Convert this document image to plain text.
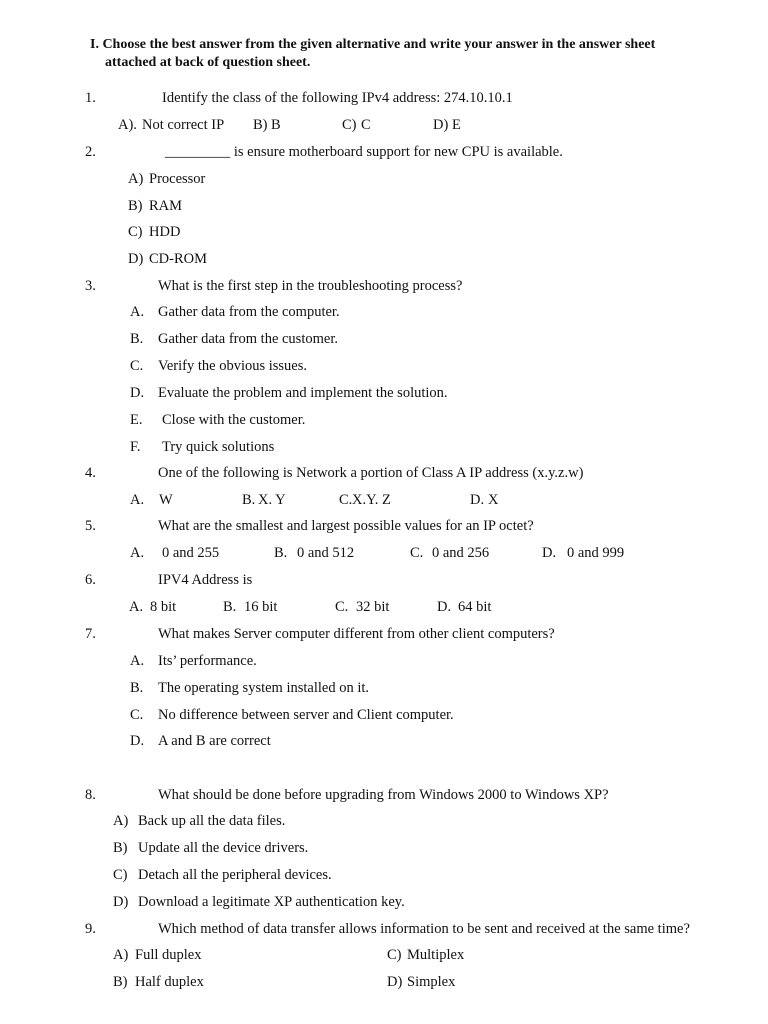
I. Choose the best answer from the given alternative and write your answer in the answer sheet
attached at back of question sheet.
1.	Identify the class of the following IPv4 address: 274.10.10.1
A). Not correct IP B) B	C) C	D) E
2.	_________ is ensure motherboard support for new CPU is available.
A) Processor
B) RAM
C) HDD
D) CD-ROM
3.	What is the first step in the troubleshooting process?
A. Gather data from the computer.
B. Gather data from the customer.
C. Verify the obvious issues.
D. Evaluate the problem and implement the solution.
E. Close with the customer.
F. Try quick solutions
4.	One of the following is Network a portion of Class A IP address (x.y.z.w)
A. W	B. X. Y	C. X.Y. Z	D. X
5.	What are the smallest and largest possible values for an IP octet?
A. 0 and 255	B. 0 and 512	C. 0 and 256	D. 0 and 999
6.	IPV4 Address is
A. 8 bit	B. 16 bit	C. 32 bit	D. 64 bit
7.	What makes Server computer different from other client computers?
A. Its’ performance.
B. The operating system installed on it.
C. No difference between server and Client computer.
D. A and B are correct
8.	What should be done before upgrading from Windows 2000 to Windows XP?
A) Back up all the data files.
B) Update all the device drivers.
C) Detach all the peripheral devices.
D) Download a legitimate XP authentication key.
9.	Which method of data transfer allows information to be sent and received at the same time?
A) Full duplex
B) Half duplex
C) Multiplex
D) Simplex
